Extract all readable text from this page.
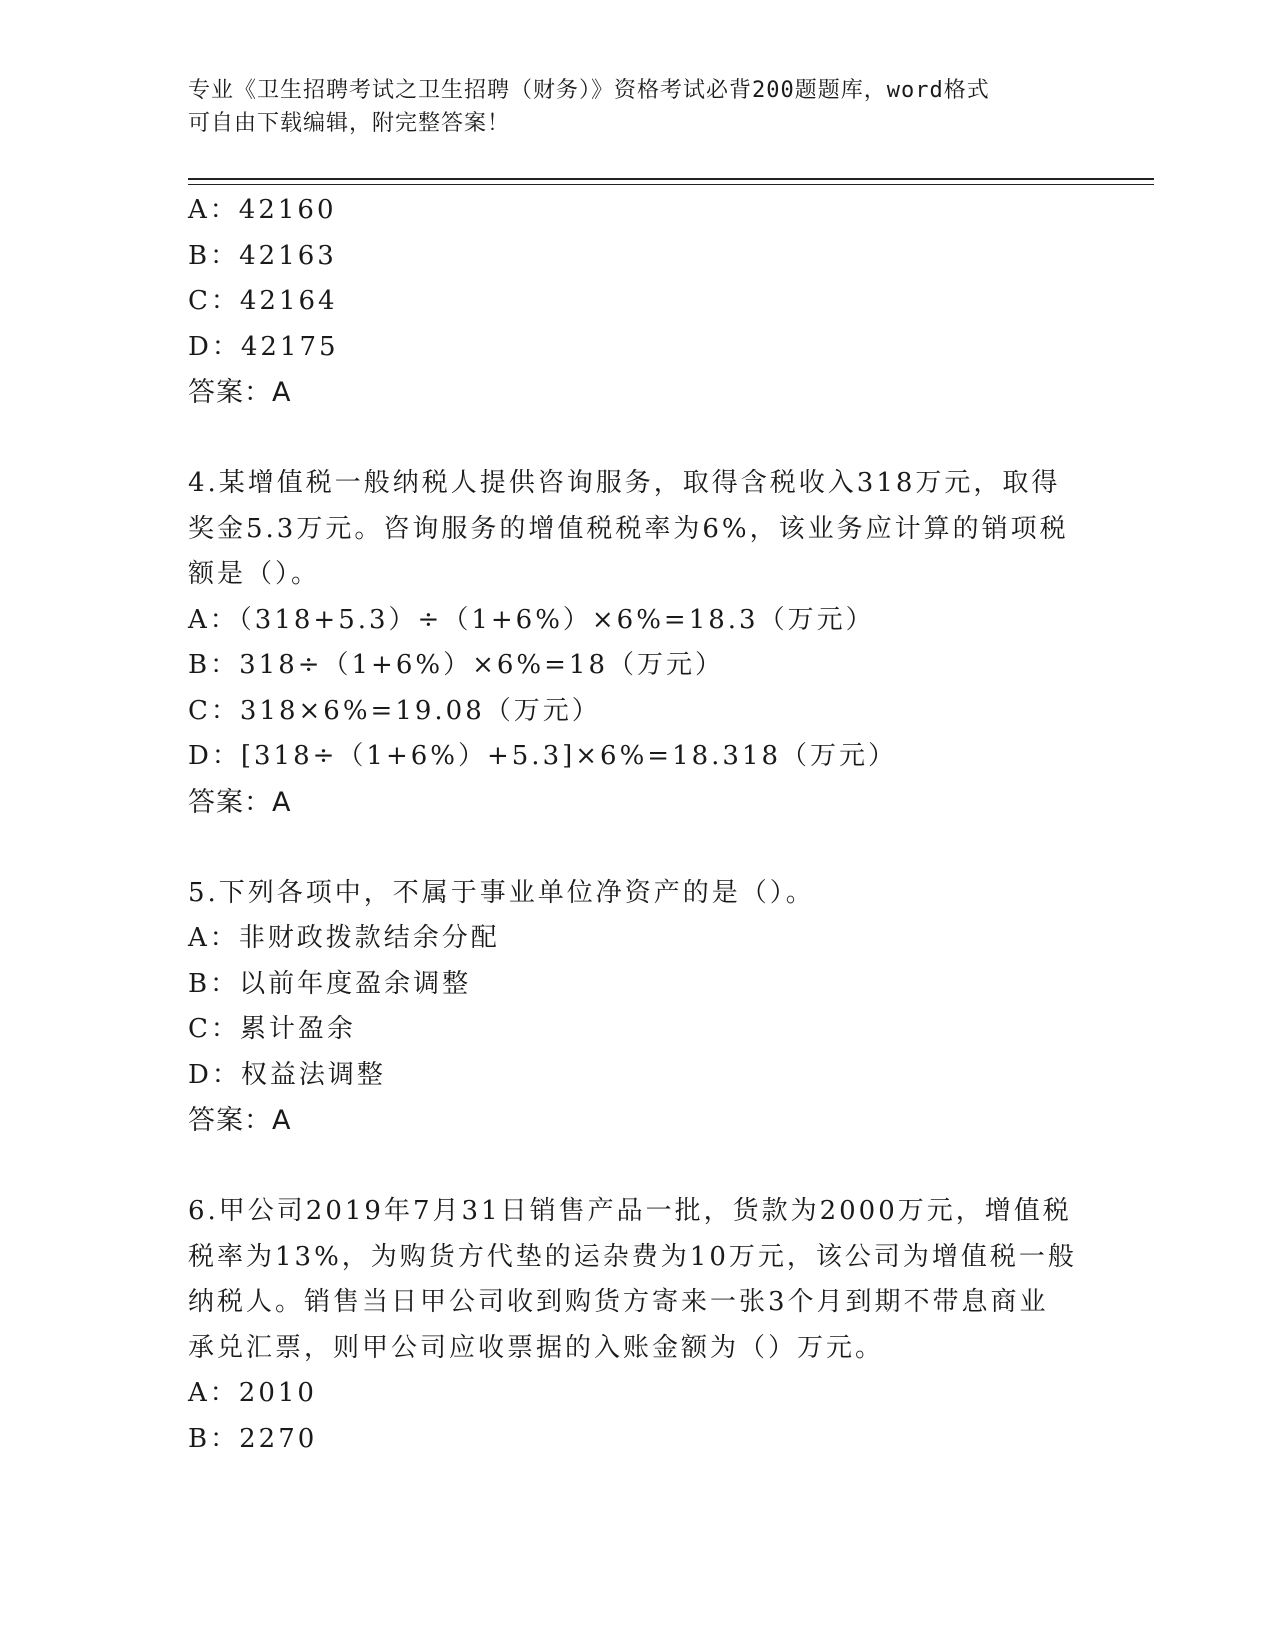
专业《卫生招聘考试之卫生招聘（财务）》资格考试必背200题题库，word格式
可自由下载编辑，附完整答案！
A：42160
B：42163
C：42164
D：42175
答案：A
4.某增值税一般纳税人提供咨询服务，取得含税收入318万元，取得
奖金5.3万元。咨询服务的增值税税率为6%，该业务应计算的销项税
额是（）。
A：（318+5.3）÷（1+6%）×6%=18.3（万元）
B：318÷（1+6%）×6%=18（万元）
C：318×6%=19.08（万元）
D：[318÷（1+6%）+5.3]×6%=18.318（万元）
答案：A
5.下列各项中，不属于事业单位净资产的是（）。
A：非财政拨款结余分配
B：以前年度盈余调整
C：累计盈余
D：权益法调整
答案：A
6.甲公司2019年7月31日销售产品一批，货款为2000万元，增值税
税率为13%，为购货方代垫的运杂费为10万元，该公司为增值税一般
纳税人。销售当日甲公司收到购货方寄来一张3个月到期不带息商业
承兑汇票，则甲公司应收票据的入账金额为（）万元。
A：2010
B：2270
